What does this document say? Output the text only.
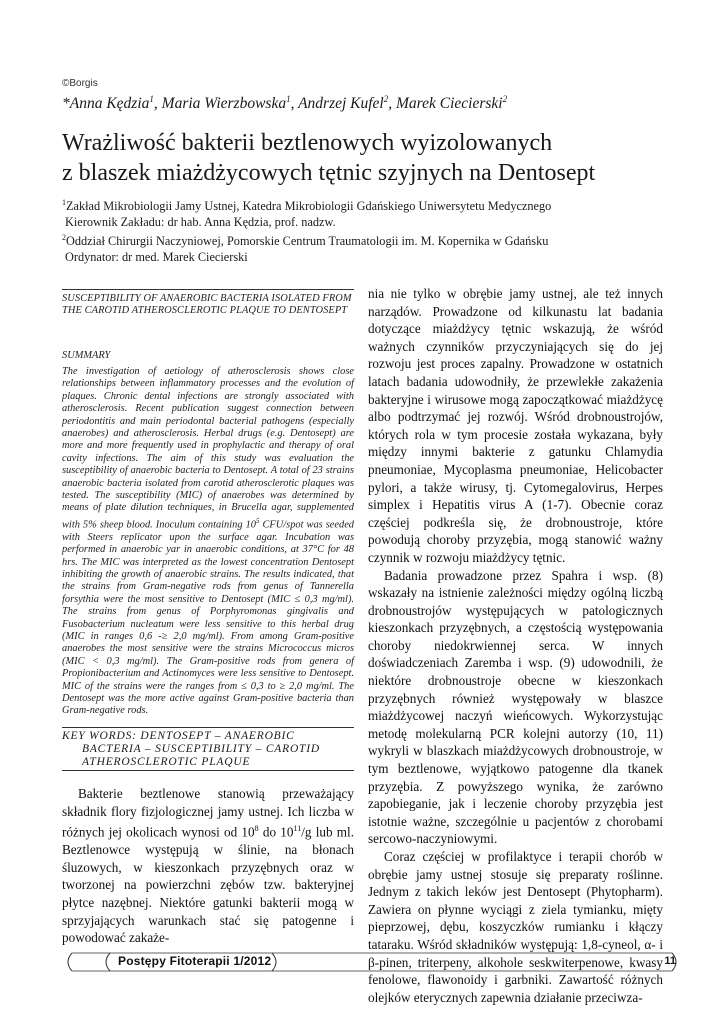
©Borgis
*Anna Kędzia$^1$, Maria Wierzbowska$^1$, Andrzej Kufel$^2$, Marek Ciecierski$^2$
Wrażliwość bakterii beztlenowych wyizolowanych
z blaszek miażdżycowych tętnic szyjnych na Dentosept

$^1$Zakład Mikrobiologii Jamy Ustnej, Katedra Mikrobiologii Gdańskiego Uniwersytetu Medycznego

Kierownik Zakładu: dr hab. Anna Kędzia, prof. nadzw.

$^2$Oddział Chirurgii Naczyniowej, Pomorskie Centrum Traumatologii im. M. Kopernika w Gdańsku

Ordynator: dr med. Marek Ciecierski

SUSCEPTIBILITY OF ANAEROBIC BACTERIA ISOLATED FROM THE CAROTID ATHEROSCLEROTIC PLAQUE TO DENTOSEPT
SUMMARY
The investigation of aetiology of atherosclerosis shows close relationships between inflammatory processes and the evolution of plaques. Chronic dental infections are strongly associated with atherosclerosis. Recent publication suggest connection between periodontitis and main periodontal bacterial pathogens (especially anaerobes) and atherosclerosis. Herbal drugs (e.g. Dentosept) are more and more frequently used in prophylactic and therapy of oral cavity infections. The aim of this study was evaluation the susceptibility of anaerobic bacteria to Dentosept. A total of 23 strains anaerobic bacteria isolated from carotid atherosclerotic plaques was tested. The susceptibility (MIC) of anaerobes was determined by means of plate dilution techniques, in Brucella agar, supplemented with 5% sheep blood. Inoculum containing $10^5$ CFU/spot was seeded with Steers replicator upon the surface agar. Incubation was performed in anaerobic yar in anaerobic conditions, at 37°C for 48 hrs. The MIC was interpreted as the lowest concentration Dentosept inhibiting the growth of anaerobic strains. The results indicated, that the strains from Gram-negative rods from genus of Tannerella forsythia were the most sensitive to Dentosept (MIC ≤ 0,3 mg/ml). The strains from genus of Porphyromonas gingivalis and Fusobacterium nucleatum were less sensitive to this herbal drug (MIC in ranges 0,6 -≥ 2,0 mg/ml). From among Gram-positive anaerobes the most sensitive were the strains Micrococcus micros (MIC < 0,3 mg/ml). The Gram-positive rods from genera of Propionibacterium and Actinomyces were less sensitive to Dentosept. MIC of the strains were the ranges from ≤ 0,3 to ≥ 2,0 mg/ml. The Dentosept was the more active against Gram-positive bacteria than Gram-negative rods.

KEY WORDS: DENTOSEPT – ANAEROBIC BACTERIA – SUSCEPTIBILITY – CAROTID ATHEROSCLEROTIC PLAQUE

Bakterie beztlenowe stanowią przeważający składnik flory fizjologicznej jamy ustnej. Ich liczba w różnych jej okolicach wynosi od $10^8$ do $10^{11}/g$ lub ml. Beztlenowce występują w ślinie, na błonach śluzowych, w kieszonkach przyzębnych oraz w tworzonej na powierzchni zębów tzw. bakteryjnej płytce nazębnej. Niektóre gatunki bakterii mogą w sprzyjających warunkach stać się patogenne i powodować zakaże-

nia nie tylko w obrębie jamy ustnej, ale też innych narządów. Prowadzone od kilkunastu lat badania dotyczące miażdżycy tętnic wskazują, że wśród ważnych czynników przyczyniających się do jej rozwoju jest proces zapalny. Prowadzone w ostatnich latach badania udowodniły, że przewlekłe zakażenia bakteryjne i wirusowe mogą zapoczątkować miażdżycę albo podtrzymać jej rozwój. Wśród drobnoustrojów, których rola w tym procesie została wykazana, były między innymi bakterie z gatunku Chlamydia pneumoniae, Mycoplasma pneumoniae, Helicobacter pylori, a także wirusy, tj. Cytomegalovirus, Herpes simplex i Hepatitis virus A (1-7). Obecnie coraz częściej podkreśla się, że drobnoustroje, które powodują choroby przyzębia, mogą stanowić ważny czynnik w rozwoju miażdżycy tętnic.

Badania prowadzone przez Spahra i wsp. (8) wskazały na istnienie zależności między ogólną liczbą drobnoustrojów występujących w patologicznych kieszonkach przyzębnych, a częstością występowania choroby niedokrwiennej serca. W innych doświadczeniach Zaremba i wsp. (9) udowodnili, że niektóre drobnoustroje obecne w kieszonkach przyzębnych również występowały w blaszce miażdżycowej naczyń wieńcowych. Wykorzystując metodę molekularną PCR kolejni autorzy (10, 11) wykryli w blaszkach miażdżycowych drobnoustroje, w tym beztlenowe, wyjątkowo patogenne dla tkanek przyzębia. Z powyższego wynika, że zarówno zapobieganie, jak i leczenie choroby przyzębia jest istotnie ważne, szczególnie u pacjentów z chorobami sercowo-naczyniowymi.

Coraz częściej w profilaktyce i terapii chorób w obrębie jamy ustnej stosuje się preparaty roślinne. Jednym z takich leków jest Dentosept (Phytopharm). Zawiera on płynne wyciągi z ziela tymianku, mięty pieprzowej, dębu, koszyczków rumianku i kłączy tataraku. Wśród składników występują: 1,8-cyneol, α- i β-pinen, triterpeny, alkohole seskwiterpenowe, kwasy fenolowe, flawonoidy i garbniki. Zawartość różnych olejków eterycznych zapewnia działanie przeciwza-

Postępy Fitoterapii 1/2012	11
